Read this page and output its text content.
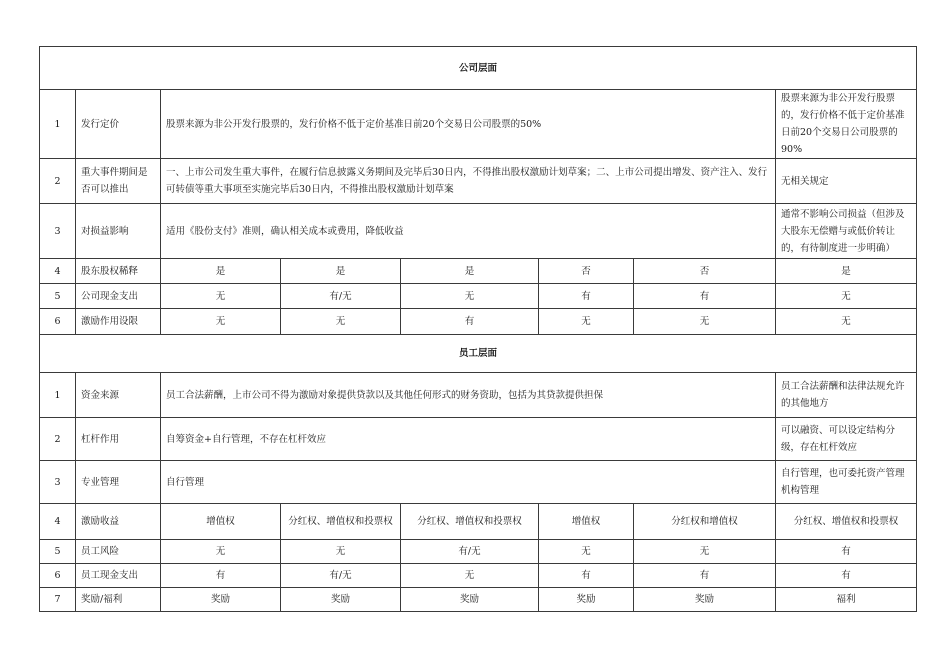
公司层面							
1	发行定价	股票来源为非公开发行股票的，发行价格不低于定价基准日前20个交易日公司股票的50%					股票来源为非公开发行股票的，发行价格不低于定价基准日前20个交易日公司股票的90%
2	重大事件期间是否可以推出	一、上市公司发生重大事件，在履行信息披露义务期间及完毕后30日内，不得推出股权激励计划草案；二、上市公司提出增发、资产注入、发行可转债等重大事项至实施完毕后30日内，不得推出股权激励计划草案					无相关规定
3	对损益影响	适用《股份支付》准则，确认相关成本或费用，降低收益					通常不影响公司损益（但涉及大股东无偿赠与或低价转让的，有待制度进一步明确）
4	股东股权稀释	是	是	是	否	否	是
5	公司现金支出	无	有/无	无	有	有	无
6	激励作用设限	无	无	有	无	无	无
员工层面							
1	资金来源	员工合法薪酬，上市公司不得为激励对象提供贷款以及其他任何形式的财务资助，包括为其贷款提供担保					员工合法薪酬和法律法规允许的其他地方
2	杠杆作用	自筹资金+自行管理，不存在杠杆效应					可以融资、可以设定结构分级，存在杠杆效应
3	专业管理	自行管理					自行管理，也可委托资产管理机构管理
4	激励收益	增值权	分红权、增值权和投票权	分红权、增值权和投票权	增值权	分红权和增值权	分红权、增值权和投票权
5	员工风险	无	无	有/无	无	无	有
6	员工现金支出	有	有/无	无	有	有	有
7	奖励/福利	奖励	奖励	奖励	奖励	奖励	福利
